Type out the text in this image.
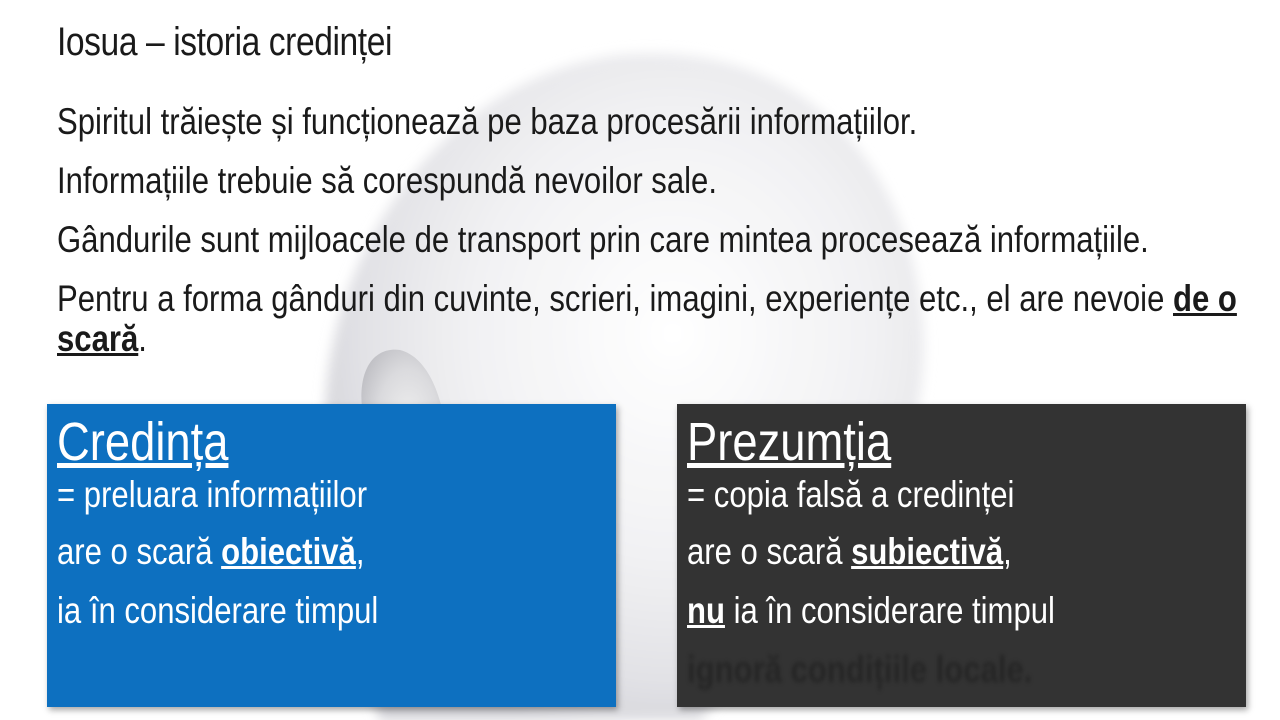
Iosua – istoria credinței

Spiritul trăiește și funcționează pe baza procesării informațiilor.

Informațiile trebuie să corespundă nevoilor sale.

Gândurile sunt mijloacele de transport prin care mintea procesează informațiile.

Pentru a forma gânduri din cuvinte, scrieri, imagini, experiențe etc., el are nevoie de o scară.

Credința

= preluara informațiilor

are o scară obiectivă,

ia în considerare timpul

Prezumția

= copia falsă a credinței

are o scară subiectivă,

nu ia în considerare timpul

ignoră condițiile locale.
